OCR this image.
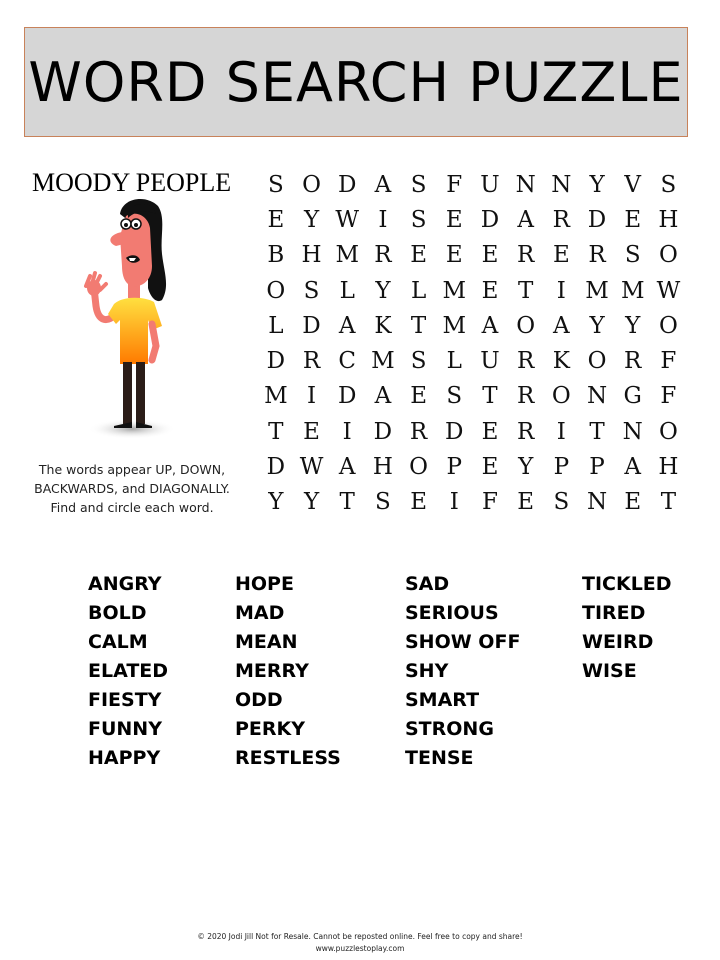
WORD SEARCH PUZZLE
MOODY PEOPLE
The words appear UP, DOWN,
BACKWARDS, and DIAGONALLY.
Find and circle each word.
S O D A S F U N N Y V S
E Y W I	S E D A R D E H
B H M R E E E R E R S O
O S L Y L M E T	I M M W
L D A K T M A O A Y Y O
D R C M S L U R K O R F
M I D A E S T R O N G F
T E I D R D E R I	T N O
D W A H O P E Y P P A H
Y Y T S E I	F E S N E T
ANGRY
BOLD
CALM
ELATED
FIESTY
FUNNY
HAPPY
HOPE
MAD
MEAN
MERRY
ODD
PERKY
RESTLESS
SAD
SERIOUS
SHOW OFF
SHY
SMART
STRONG
TENSE
TICKLED
TIRED
WEIRD
WISE
© 2020 Jodi Jill Not for Resale. Cannot be reposted online. Feel free to copy and share!
www.puzzlestoplay.com
